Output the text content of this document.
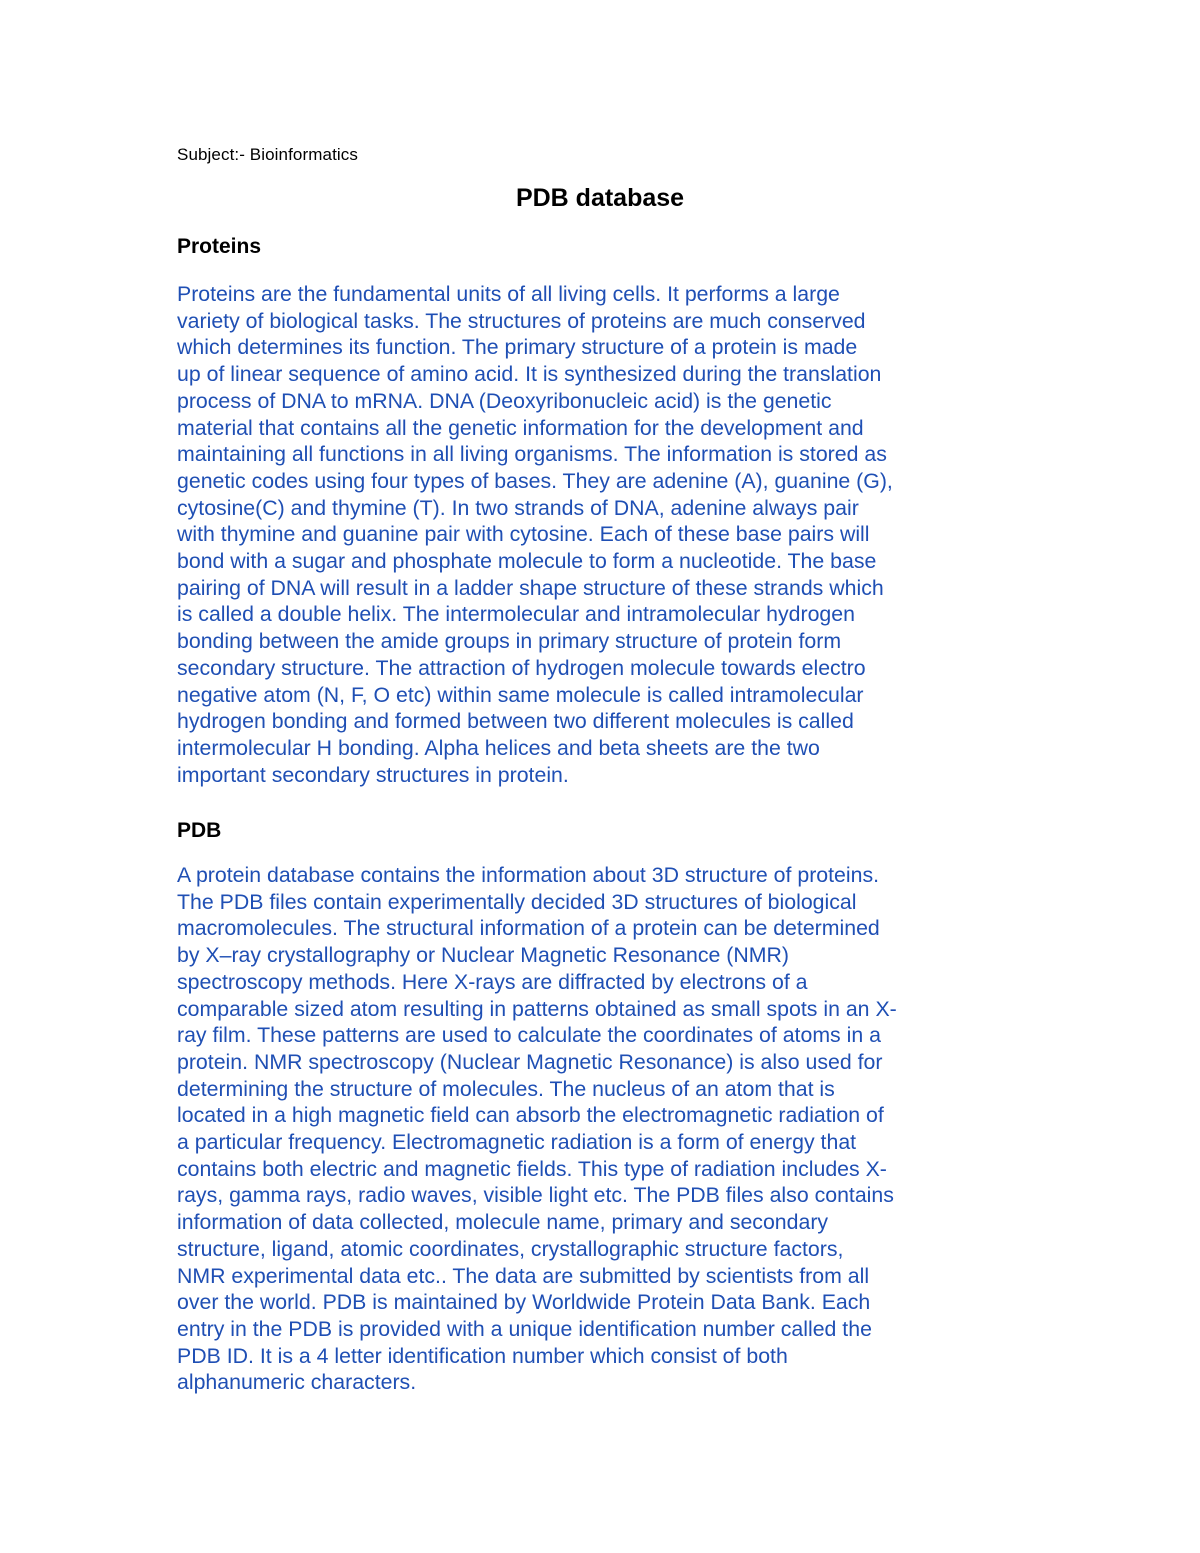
Subject:- Bioinformatics
PDB database
Proteins

Proteins are the fundamental units of all living cells. It performs a large
variety of biological tasks. The structures of proteins are much conserved
which determines its function. The primary structure of a protein is made
up of linear sequence of amino acid. It is synthesized during the translation
process of DNA to mRNA. DNA (Deoxyribonucleic acid) is the genetic
material that contains all the genetic information for the development and
maintaining all functions in all living organisms. The information is stored as
genetic codes using four types of bases. They are adenine (A), guanine (G),
cytosine(C) and thymine (T). In two strands of DNA, adenine always pair
with thymine and guanine pair with cytosine. Each of these base pairs will
bond with a sugar and phosphate molecule to form a nucleotide. The base
pairing of DNA will result in a ladder shape structure of these strands which
is called a double helix. The intermolecular and intramolecular hydrogen
bonding between the amide groups in primary structure of protein form
secondary structure. The attraction of hydrogen molecule towards electro
negative atom (N, F, O etc) within same molecule is called intramolecular
hydrogen bonding and formed between two different molecules is called
intermolecular H bonding. Alpha helices and beta sheets are the two
important secondary structures in protein.

PDB

A protein database contains the information about 3D structure of proteins.
The PDB files contain experimentally decided 3D structures of biological
macromolecules. The structural information of a protein can be determined
by X–ray crystallography or Nuclear Magnetic Resonance (NMR)
spectroscopy methods. Here X-rays are diffracted by electrons of a
comparable sized atom resulting in patterns obtained as small spots in an X-
ray film. These patterns are used to calculate the coordinates of atoms in a
protein. NMR spectroscopy (Nuclear Magnetic Resonance) is also used for
determining the structure of molecules. The nucleus of an atom that is
located in a high magnetic field can absorb the electromagnetic radiation of
a particular frequency. Electromagnetic radiation is a form of energy that
contains both electric and magnetic fields. This type of radiation includes X-
rays, gamma rays, radio waves, visible light etc. The PDB files also contains
information of data collected, molecule name, primary and secondary
structure, ligand, atomic coordinates, crystallographic structure factors,
NMR experimental data etc.. The data are submitted by scientists from all
over the world. PDB is maintained by Worldwide Protein Data Bank. Each
entry in the PDB is provided with a unique identification number called the
PDB ID. It is a 4 letter identification number which consist of both
alphanumeric characters.
